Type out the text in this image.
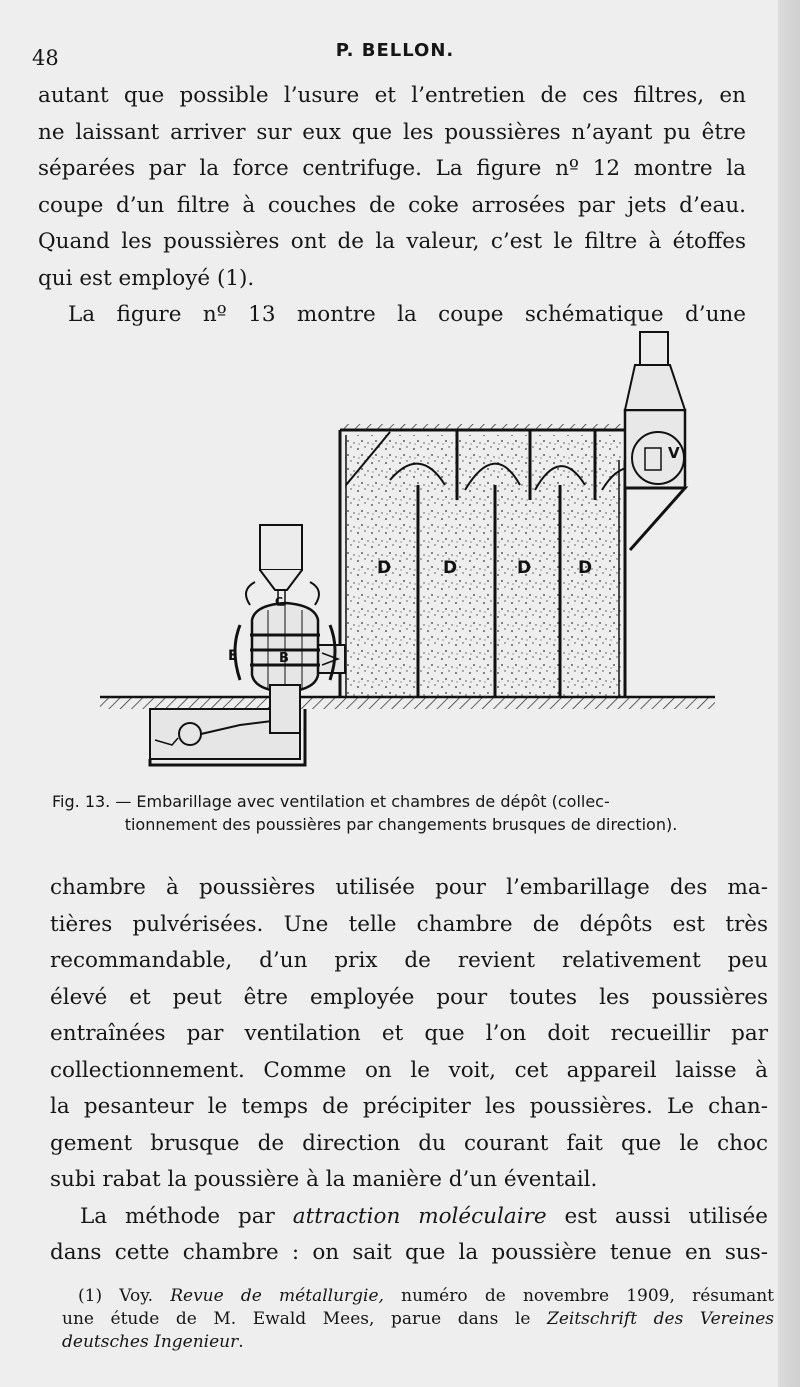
48	P. BELLON.
autant que possible l’usure et l’entretien de ces filtres, en
ne laissant arriver sur eux que les poussières n’ayant pu être
séparées par la force centrifuge. La figure nº 12 montre la
coupe d’un filtre à couches de coke arrosées par jets d’eau.
Quand les poussières ont de la valeur, c’est le filtre à étoffes
qui est employé (1).
La figure nº 13 montre la coupe schématique d’une
D	D	D	D
V
B
C
E
Fig. 13. — Embarillage avec ventilation et chambres de dépôt (collec-
tionnement des poussières par changements brusques de direction).
chambre à poussières utilisée pour l’embarillage des ma-
tières pulvérisées. Une telle chambre de dépôts est très
recommandable, d’un prix de revient relativement peu
élevé et peut être employée pour toutes les poussières
entraînées par ventilation et que l’on doit recueillir par
collectionnement. Comme on le voit, cet appareil laisse à
la pesanteur le temps de précipiter les poussières. Le chan-
gement brusque de direction du courant fait que le choc
subi rabat la poussière à la manière d’un éventail.
La méthode par attraction moléculaire est aussi utilisée
dans cette chambre : on sait que la poussière tenue en sus-
(1) Voy. Revue de métallurgie, numéro de novembre 1909, résumant
une étude de M. Ewald Mees, parue dans le Zeitschrift des Vereines
deutsches Ingenieur.
